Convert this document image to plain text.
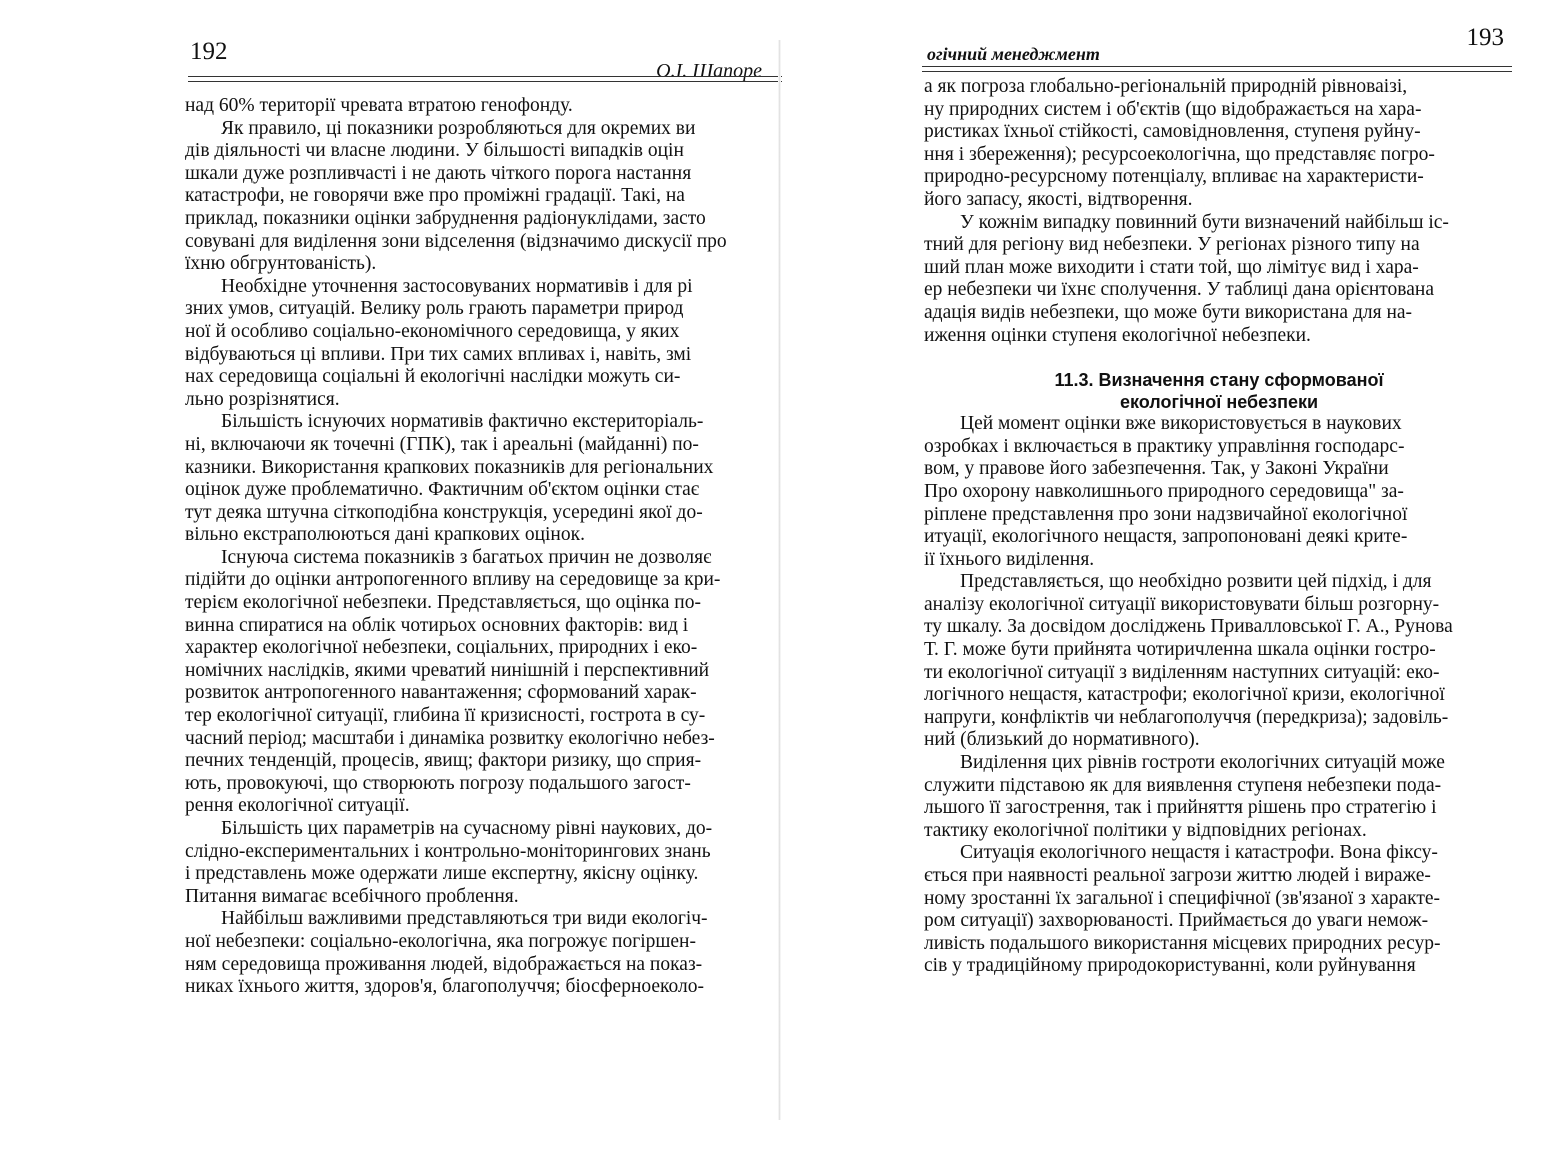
192
О.І. Шапоре
над 60% території чревата втратою генофонду.
Як правило, ці показники розробляються для окремих ви
дів діяльності чи власне людини. У більшості випадків оцін
шкали дуже розпливчасті і не дають чіткого порога настання
катастрофи, не говорячи вже про проміжні градації. Такі, на
приклад, показники оцінки забруднення радіонуклідами, засто
совувані для виділення зони відселення (відзначимо дискусії про
їхню обгрунтованість).
Необхідне уточнення застосовуваних нормативів і для рі
зних умов, ситуацій. Велику роль грають параметри природ
ної й особливо соціально-економічного середовища, у яких
відбуваються ці впливи. При тих самих впливах і, навіть, змі
нах середовища соціальні й екологічні наслідки можуть си-
льно розрізнятися.
Більшість існуючих нормативів фактично екстериторіаль-
ні, включаючи як точечні (ГПК), так і ареальні (майданні) по-
казники. Використання крапкових показників для регіональних
оцінок дуже проблематично. Фактичним об'єктом оцінки стає
тут деяка штучна сіткоподібна конструкція, усередині якої до-
вільно екстраполюються дані крапкових оцінок.
Існуюча система показників з багатьох причин не дозволяє
підійти до оцінки антропогенного впливу на середовище за кри-
терієм екологічної небезпеки. Представляється, що оцінка по-
винна спиратися на облік чотирьох основних факторів: вид і
характер екологічної небезпеки, соціальних, природних і еко-
номічних наслідків, якими чреватий нинішній і перспективний
розвиток антропогенного навантаження; сформований харак-
тер екологічної ситуації, глибина її кризисності, гострота в су-
часний період; масштаби і динаміка розвитку екологічно небез-
печних тенденцій, процесів, явищ; фактори ризику, що сприя-
ють, провокуючі, що створюють погрозу подальшого загост-
рення екологічної ситуації.
Більшість цих параметрів на сучасному рівні наукових, до-
слідно-експериментальних і контрольно-моніторингових знань
і представлень може одержати лише експертну, якісну оцінку.
Питання вимагає всебічного проблення.
Найбільш важливими представляються три види екологіч-
ної небезпеки: соціально-екологічна, яка погрожує погіршен-
ням середовища проживання людей, відображається на показ-
никах їхнього життя, здоров'я, благополуччя; біосферноеколо-
193
огічний менеджмент
а як погроза глобально-регіональній природній рівноваізі,
ну природних систем і об'єктів (що відображається на хара-
ристиках їхньої стійкості, самовідновлення, ступеня руйну-
ння і збереження); ресурсоекологічна, що представляє погро-
природно-ресурсному потенціалу, впливає на характеристи-
його запасу, якості, відтворення.
У кожнім випадку повинний бути визначений найбільш іс-
тний для регіону вид небезпеки. У регіонах різного типу на
ший план може виходити і стати той, що лімітує вид і хара-
ер небезпеки чи їхнє сполучення. У таблиці дана орієнтована
адація видів небезпеки, що може бути використана для на-
иження оцінки ступеня екологічної небезпеки.
11.3. Визначення стану сформованої
екологічної небезпеки
Цей момент оцінки вже використовується в наукових
озробках і включається в практику управління господарс-
вом, у правове його забезпечення. Так, у Законі України
Про охорону навколишнього природного середовища" за-
ріплене представлення про зони надзвичайної екологічної
итуації, екологічного нещастя, запропоновані деякі крите-
ії їхнього виділення.
Представляється, що необхідно розвити цей підхід, і для
аналізу екологічної ситуації використовувати більш розгорну-
ту шкалу. За досвідом досліджень Привалловської Г. А., Рунова
Т. Г. може бути прийнята чотиричленна шкала оцінки гостро-
ти екологічної ситуації з виділенням наступних ситуацій: еко-
логічного нещастя, катастрофи; екологічної кризи, екологічної
напруги, конфліктів чи неблагополуччя (передкриза); задовіль-
ний (близький до нормативного).
Виділення цих рівнів гостроти екологічних ситуацій може
служити підставою як для виявлення ступеня небезпеки пода-
льшого її загострення, так і прийняття рішень про стратегію і
тактику екологічної політики у відповідних регіонах.
Ситуація екологічного нещастя і катастрофи. Вона фіксу-
ється при наявності реальної загрози життю людей і вираже-
ному зростанні їх загальної і специфічної (зв'язаної з характе-
ром ситуації) захворюваності. Приймається до уваги немож-
ливість подальшого використання місцевих природних ресур-
сів у традиційному природокористуванні, коли руйнування
